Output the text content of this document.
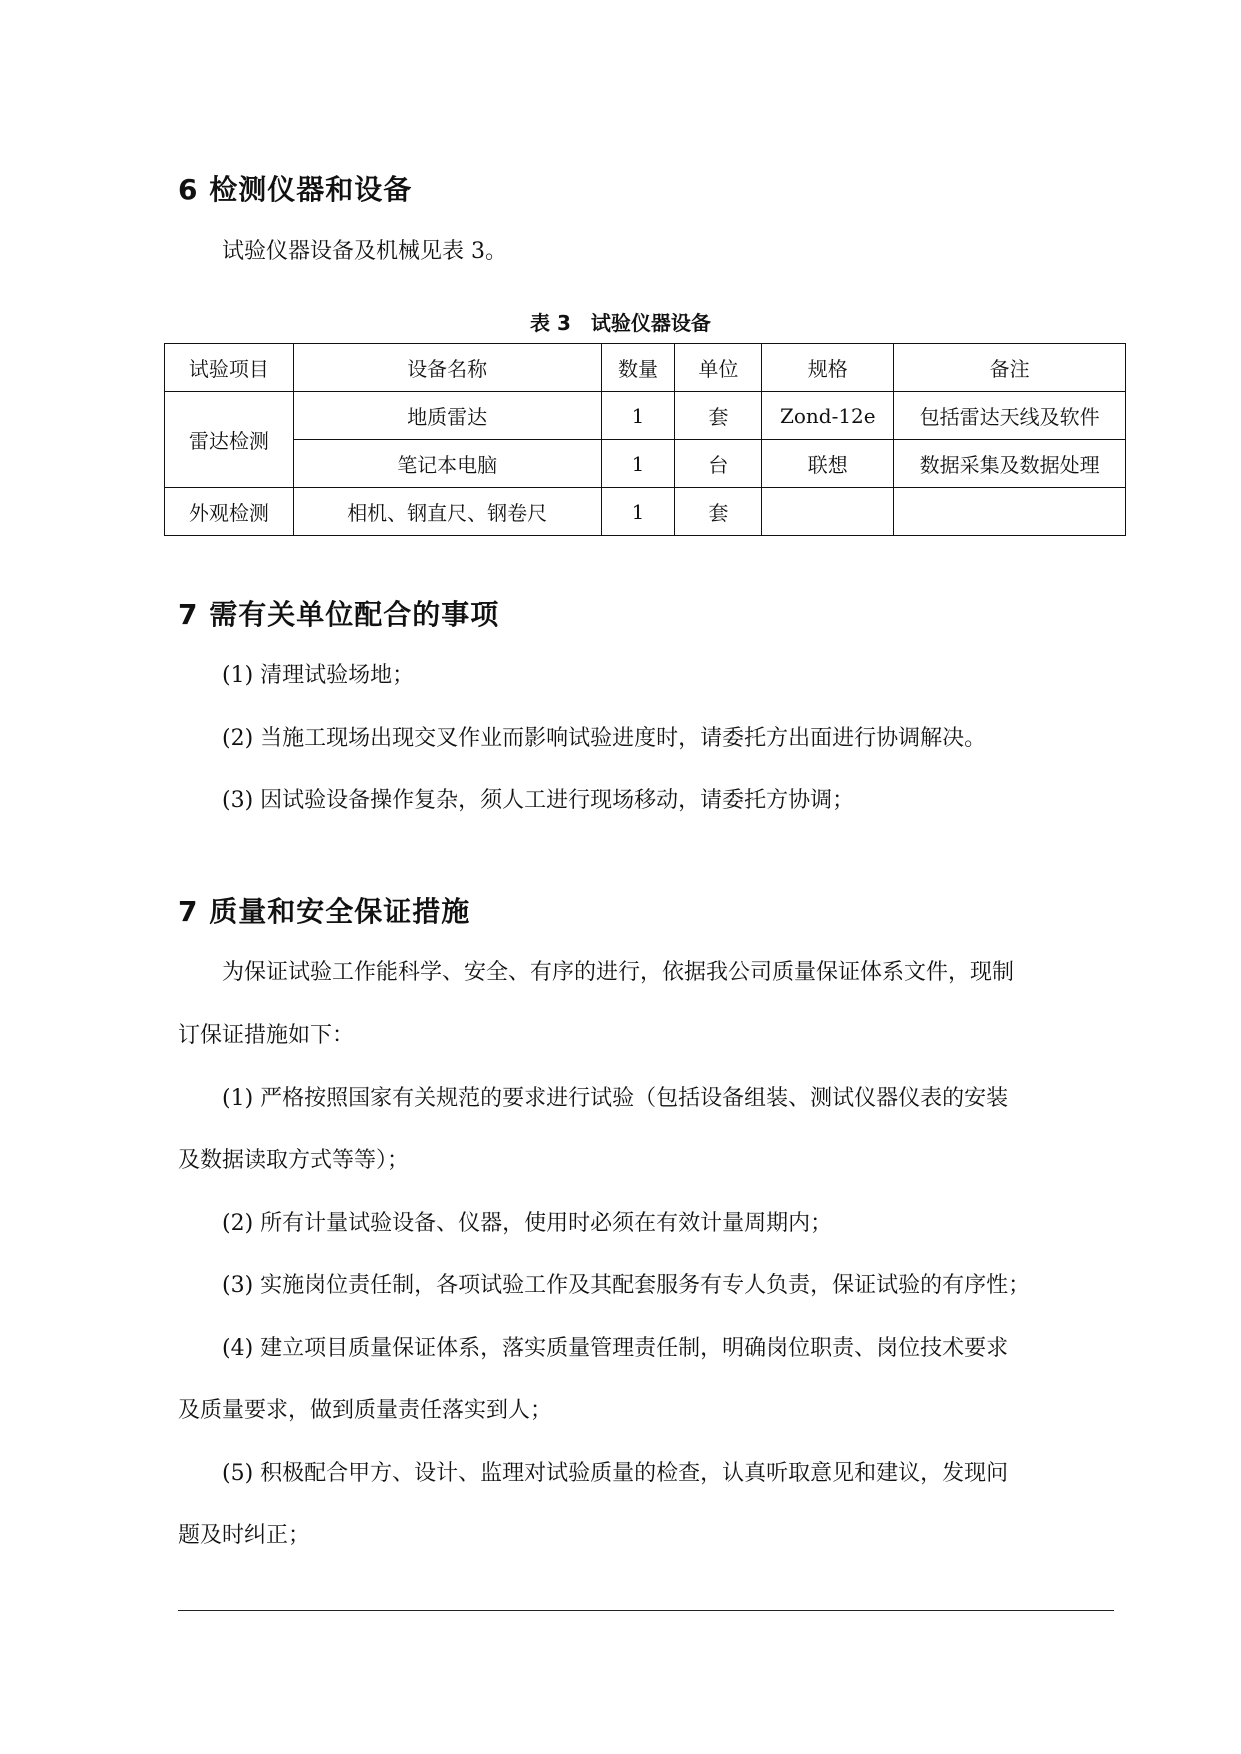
6 检测仪器和设备
试验仪器设备及机械见表 3。
表 3　试验仪器设备
试验项目	设备名称	数量	单位	规格	备注
雷达检测	地质雷达	1	套	Zond-12e	包括雷达天线及软件
	笔记本电脑	1	台	联想	数据采集及数据处理
外观检测	相机、钢直尺、钢卷尺	1	套		
7 需有关单位配合的事项
(1) 清理试验场地；
(2) 当施工现场出现交叉作业而影响试验进度时，请委托方出面进行协调解决。
(3) 因试验设备操作复杂，须人工进行现场移动，请委托方协调；
7 质量和安全保证措施
为保证试验工作能科学、安全、有序的进行，依据我公司质量保证体系文件，现制
订保证措施如下：
(1) 严格按照国家有关规范的要求进行试验（包括设备组装、测试仪器仪表的安装
及数据读取方式等等）；
(2) 所有计量试验设备、仪器，使用时必须在有效计量周期内；
(3) 实施岗位责任制，各项试验工作及其配套服务有专人负责，保证试验的有序性；
(4) 建立项目质量保证体系，落实质量管理责任制，明确岗位职责、岗位技术要求
及质量要求，做到质量责任落实到人；
(5) 积极配合甲方、设计、监理对试验质量的检查，认真听取意见和建议，发现问
题及时纠正；
